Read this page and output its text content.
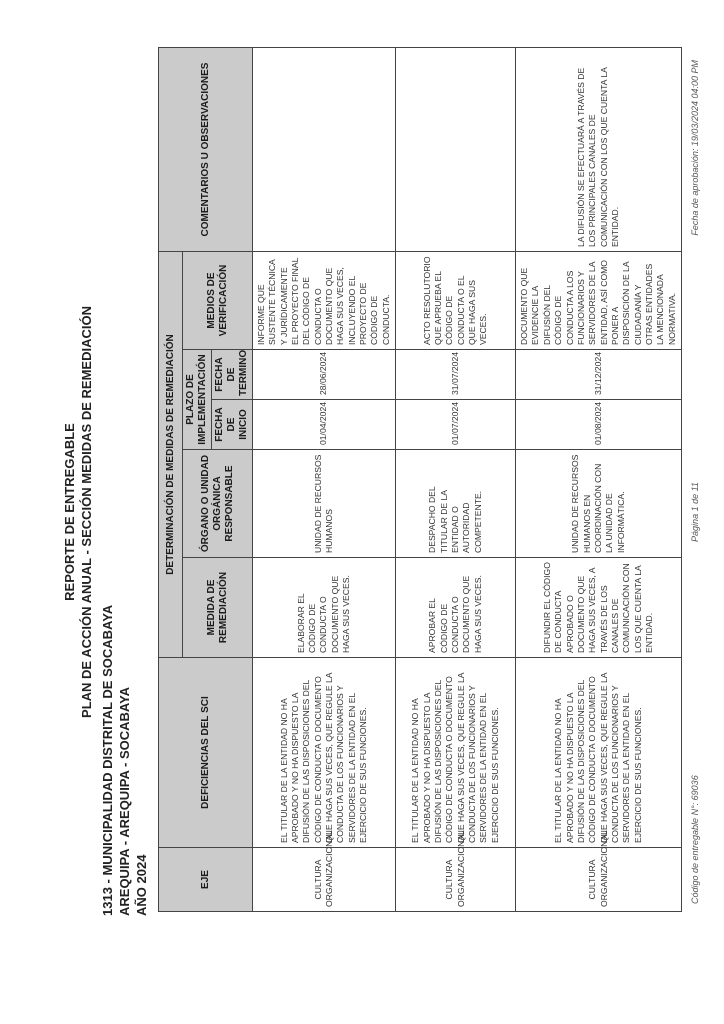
REPORTE DE ENTREGABLE PLAN DE ACCIÓN ANUAL - SECCIÓN MEDIDAS DE REMEDIACIÓN
1313 - MUNICIPALIDAD DISTRITAL DE SOCABAYA AREQUIPA - AREQUIPA - SOCABAYA AÑO 2024	EJE	DEFICIENCIAS DEL SCI	DETERMINACIÓN DE MEDIDAS DE REMEDIACIÓN					COMENTARIOS U OBSERVACIONES
		MEDIDA DE REMEDIACIÓN	ÓRGANO O UNIDAD ORGÁNICA RESPONSABLE	PLAZO DE IMPLEMENTACIÓN		MEDIOS DE VERIFICACIÓN	
				FECHA DE INICIO	FECHA DE TERMINO		
CULTURA ORGANIZACIONAL	EL TITULAR DE LA ENTIDAD NO HA APROBADO Y NO HA DISPUESTO LA DIFUSIÓN DE LAS DISPOSICIONES DEL CÓDIGO DE CONDUCTA O DOCUMENTO QUE HAGA SUS VECES, QUE REGULE LA CONDUCTA DE LOS FUNCIONARIOS Y SERVIDORES DE LA ENTIDAD EN EL EJERCICIO DE SUS FUNCIONES.	ELABORAR EL CÓDIGO DE CONDUCTA O DOCUMENTO QUE HAGA SUS VECES.	UNIDAD DE RECURSOS HUMANOS	01/04/2024	28/06/2024	INFORME QUE SUSTENTE TÉCNICA Y JURÍDICAMENTE EL PROYECTO FINAL DEL CÓDIGO DE CONDUCTA O DOCUMENTO QUE HAGA SUS VECES, INCLUYENDO EL PROYECTO DE CÓDIGO DE CONDUCTA.	
CULTURA ORGANIZACIONAL	EL TITULAR DE LA ENTIDAD NO HA APROBADO Y NO HA DISPUESTO LA DIFUSIÓN DE LAS DISPOSICIONES DEL CÓDIGO DE CONDUCTA O DOCUMENTO QUE HAGA SUS VECES, QUE REGULE LA CONDUCTA DE LOS FUNCIONARIOS Y SERVIDORES DE LA ENTIDAD EN EL EJERCICIO DE SUS FUNCIONES.	APROBAR EL CÓDIGO DE CONDUCTA O DOCUMENTO QUE HAGA SUS VECES.	DESPACHO DEL TITULAR DE LA ENTIDAD O AUTORIDAD COMPETENTE.	01/07/2024	31/07/2024	ACTO RESOLUTORIO QUE APRUEBA EL CÓDIGO DE CONDUCTA O EL QUE HAGA SUS VECES.	
CULTURA ORGANIZACIONAL	EL TITULAR DE LA ENTIDAD NO HA APROBADO Y NO HA DISPUESTO LA DIFUSIÓN DE LAS DISPOSICIONES DEL CÓDIGO DE CONDUCTA O DOCUMENTO QUE HAGA SUS VECES, QUE REGULE LA CONDUCTA DE LOS FUNCIONARIOS Y SERVIDORES DE LA ENTIDAD EN EL EJERCICIO DE SUS FUNCIONES.	DIFUNDIR EL CÓDIGO DE CONDUCTA APROBADO O DOCUMENTO QUE HAGA SUS VECES, A TRAVÉS DE LOS CANALES DE COMUNICACIÓN CON LOS QUE CUENTA LA ENTIDAD.	UNIDAD DE RECURSOS HUMANOS EN COORDINACIÓN CON LA UNIDAD DE INFORMÁTICA.	01/08/2024	31/12/2024	DOCUMENTO QUE EVIDENCIE LA DIFUSIÓN DEL CÓDIGO DE CONDUCTA A LOS FUNCIONARIOS Y SERVIDORES DE LA ENTIDAD, ASÍ COMO PONER A DISPOSICIÓN DE LA CIUDADANÍA Y OTRAS ENTIDADES LA MENCIONADA NORMATIVA.	LA DIFUSIÓN SE EFECTUARÁ A TRAVÉS DE LOS PRINCIPALES CANALES DE COMUNICACIÓN CON LOS QUE CUENTA LA ENTIDAD.
Código de entregable N°: 69036
Página 1 de 11
Fecha de aprobación: 19/03/2024 04:00 PM
